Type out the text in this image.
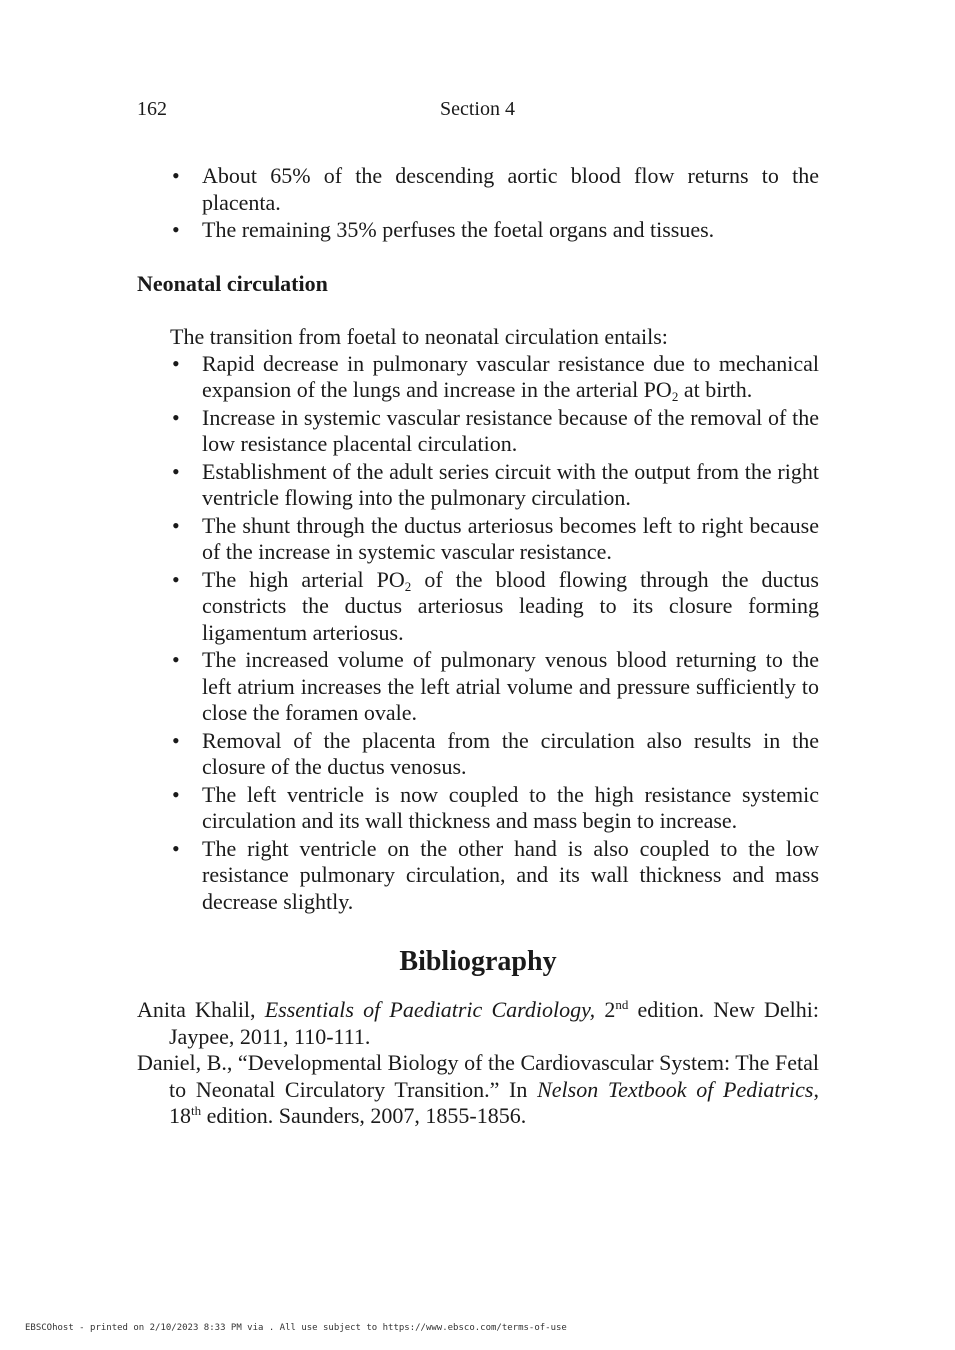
162	Section 4
• About 65% of the descending aortic blood flow returns to the placenta.
• The remaining 35% perfuses the foetal organs and tissues.
Neonatal circulation
The transition from foetal to neonatal circulation entails:
• Rapid decrease in pulmonary vascular resistance due to mechanical expansion of the lungs and increase in the arterial $PO_2$ at birth.
• Increase in systemic vascular resistance because of the removal of the low resistance placental circulation.
• Establishment of the adult series circuit with the output from the right ventricle flowing into the pulmonary circulation.
• The shunt through the ductus arteriosus becomes left to right because of the increase in systemic vascular resistance.
• The high arterial $PO_2$ of the blood flowing through the ductus constricts the ductus arteriosus leading to its closure forming ligamentum arteriosus.
• The increased volume of pulmonary venous blood returning to the left atrium increases the left atrial volume and pressure sufficiently to close the foramen ovale.
• Removal of the placenta from the circulation also results in the closure of the ductus venosus.
• The left ventricle is now coupled to the high resistance systemic circulation and its wall thickness and mass begin to increase.
• The right ventricle on the other hand is also coupled to the low resistance pulmonary circulation, and its wall thickness and mass decrease slightly.
Bibliography
Anita Khalil, Essentials of Paediatric Cardiology, 2nd edition. New Delhi: Jaypee, 2011, 110-111.
Daniel, B., “Developmental Biology of the Cardiovascular System: The Fetal to Neonatal Circulatory Transition.” In Nelson Textbook of Pediatrics, 18th edition. Saunders, 2007, 1855-1856.
EBSCOhost - printed on 2/10/2023 8:33 PM via . All use subject to https://www.ebsco.com/terms-of-use
